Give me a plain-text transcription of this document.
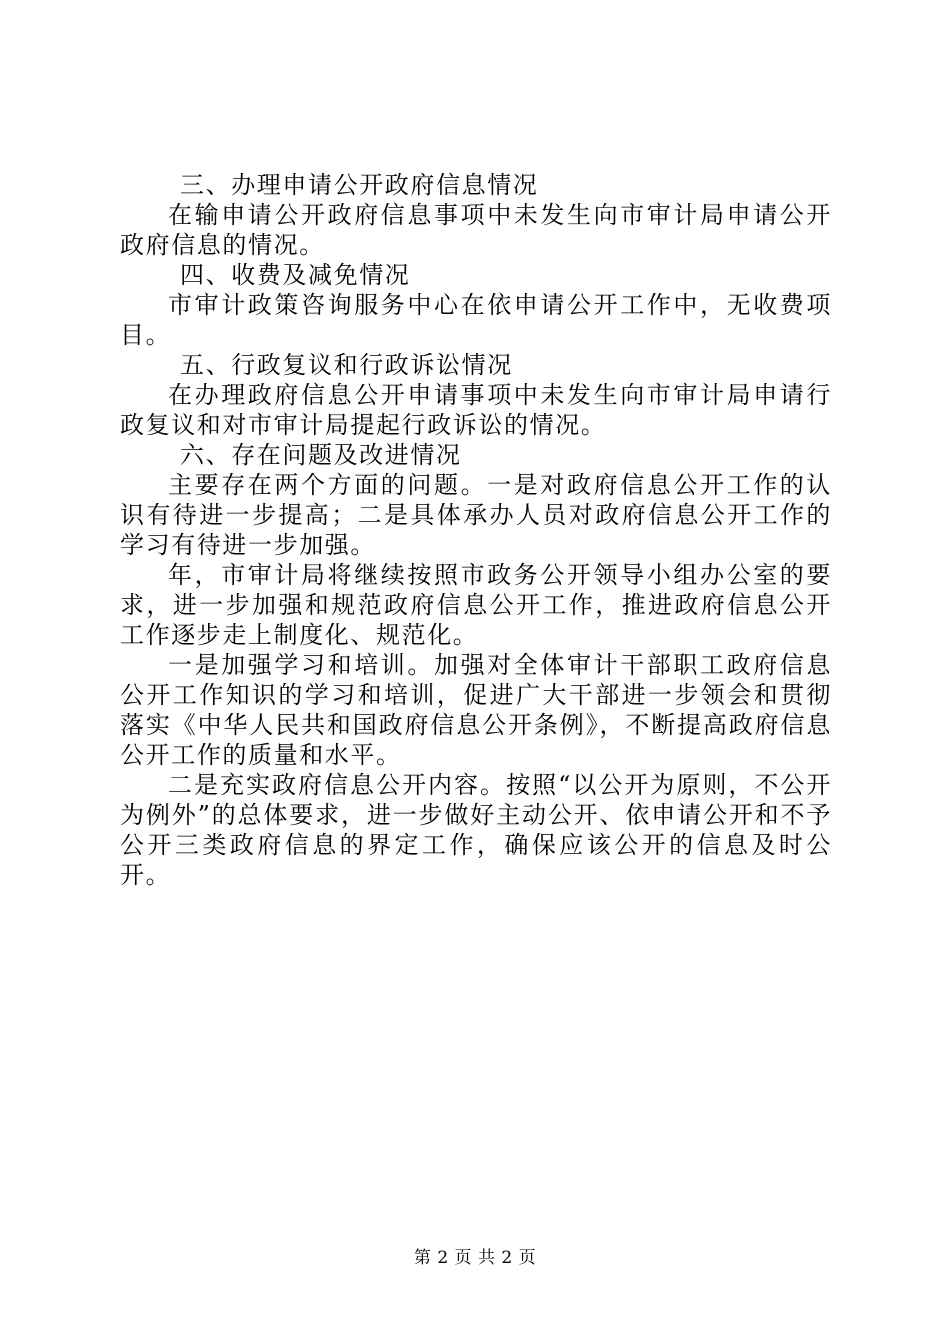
三、办理申请公开政府信息情况

在输申请公开政府信息事项中未发生向市审计局申请公开政府信息的情况。

四、收费及减免情况

市审计政策咨询服务中心在依申请公开工作中，无收费项目。

五、行政复议和行政诉讼情况

在办理政府信息公开申请事项中未发生向市审计局申请行政复议和对市审计局提起行政诉讼的情况。

六、存在问题及改进情况

主要存在两个方面的问题。一是对政府信息公开工作的认识有待进一步提高；二是具体承办人员对政府信息公开工作的学习有待进一步加强。

年，市审计局将继续按照市政务公开领导小组办公室的要求，进一步加强和规范政府信息公开工作，推进政府信息公开工作逐步走上制度化、规范化。

一是加强学习和培训。加强对全体审计干部职工政府信息公开工作知识的学习和培训，促进广大干部进一步领会和贯彻落实《中华人民共和国政府信息公开条例》，不断提高政府信息公开工作的质量和水平。

二是充实政府信息公开内容。按照“以公开为原则，不公开为例外”的总体要求，进一步做好主动公开、依申请公开和不予公开三类政府信息的界定工作，确保应该公开的信息及时公开。

第 2 页 共 2 页
